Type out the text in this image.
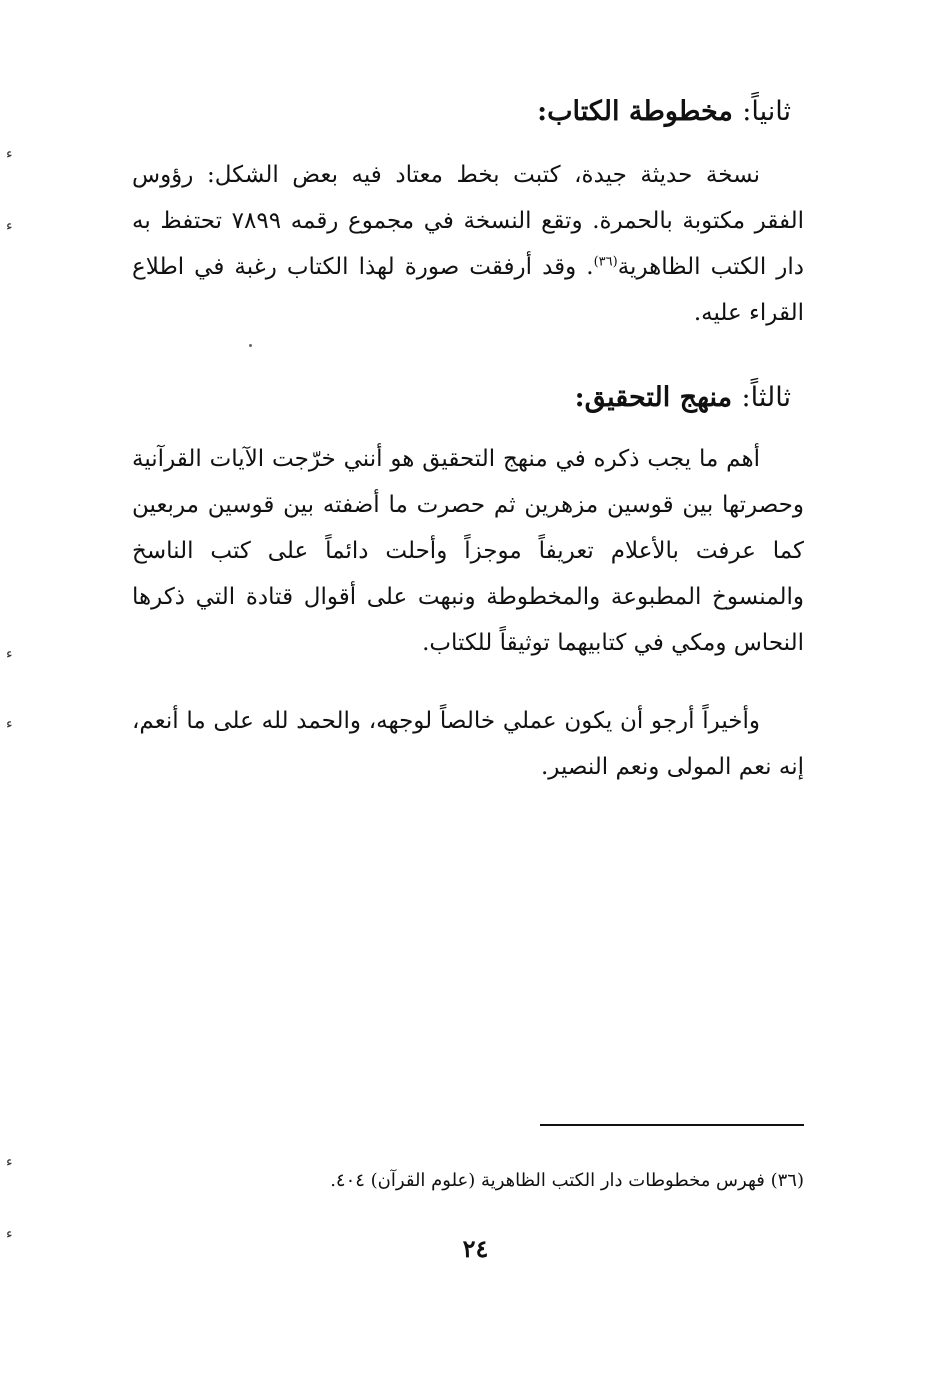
ثانياً: مخطوطة الكتاب:
نسخة حديثة جيدة، كتبت بخط معتاد فيه بعض الشكل: رؤوس الفقر مكتوبة بالحمرة. وتقع النسخة في مجموع رقمه ٧٨٩٩ تحتفظ به دار الكتب الظاهرية$^{(٣٦)}$. وقد أرفقت صورة لهذا الكتاب رغبة في اطلاع القراء عليه.
ثالثاً: منهج التحقيق:
أهم ما يجب ذكره في منهج التحقيق هو أنني خرّجت الآيات القرآنية وحصرتها بين قوسين مزهرين ثم حصرت ما أضفته بين قوسين مربعين كما عرفت بالأعلام تعريفاً موجزاً وأحلت دائماً على كتب الناسخ والمنسوخ المطبوعة والمخطوطة ونبهت على أقوال قتادة التي ذكرها النحاس ومكي في كتابيهما توثيقاً للكتاب.
وأخيراً أرجو أن يكون عملي خالصاً لوجهه، والحمد لله على ما أنعم، إنه نعم المولى ونعم النصير.
(٣٦) فهرس مخطوطات دار الكتب الظاهرية (علوم القرآن) ٤٠٤.
٢٤
ء
ء
ء
ء
ء
ء
